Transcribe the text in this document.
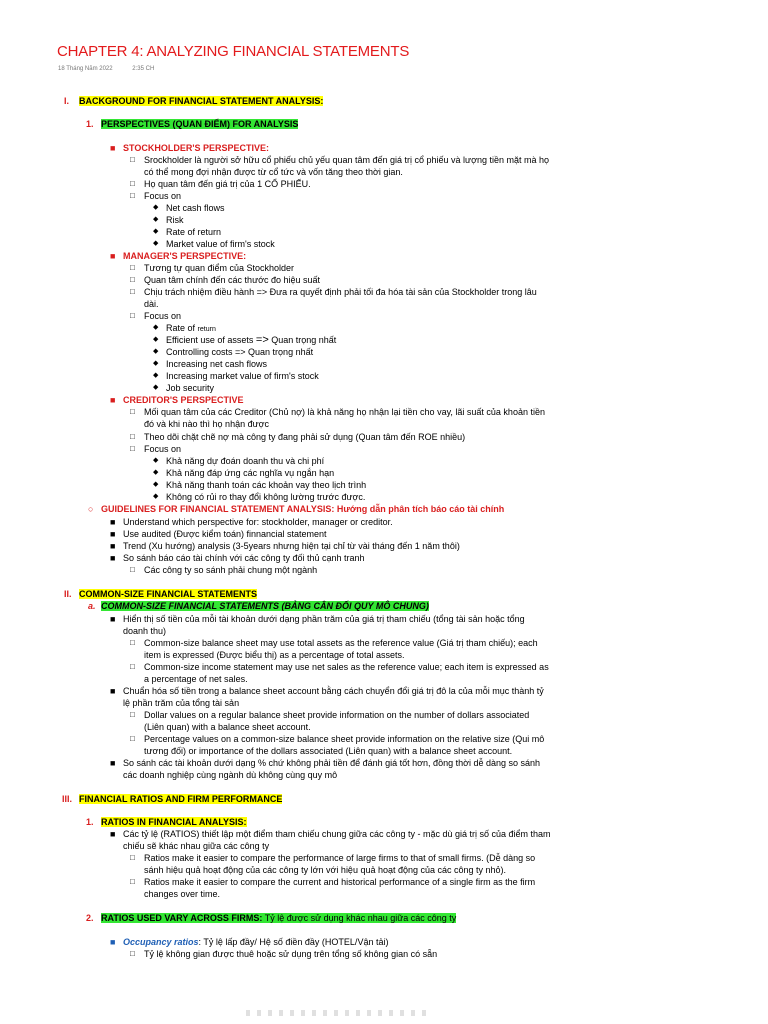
CHAPTER 4: ANALYZING FINANCIAL STATEMENTS
18 Tháng Năm 2022	2:35 CH
I. BACKGROUND FOR FINANCIAL STATEMENT ANALYSIS:
1. PERSPECTIVES (QUAN ĐIỂM) FOR ANALYSIS
■ STOCKHOLDER'S PERSPECTIVE:
□ Srockholder là người sở hữu cổ phiếu chủ yếu quan tâm đến giá trị cổ phiếu và lượng tiền mặt mà họ
có thể mong đợi nhận được từ cổ tức và vốn tăng theo thời gian.
□ Họ quan tâm đến giá trị của 1 CỔ PHIẾU.
□ Focus on
◆ Net cash flows
◆ Risk
◆ Rate of return
◆ Market value of firm's stock
■ MANAGER'S PERSPECTIVE:
□ Tương tự quan điểm của Stockholder
□ Quan tâm chính đến các thước đo hiệu suất
□ Chịu trách nhiệm điều hành => Đưa ra quyết định phải tối đa hóa tài sản của Stockholder trong lâu
dài.
□ Focus on
◆ Rate of return
◆ Efficient use of assets => Quan trọng nhất
◆ Controlling costs => Quan trọng nhất
◆ Increasing net cash flows
◆ Increasing market value of firm's stock
◆ Job security
■ CREDITOR'S PERSPECTIVE
□ Mối quan tâm của các Creditor (Chủ nợ) là khả năng họ nhận lại tiền cho vay, lãi suất của khoản tiền
đó và khi nào thì họ nhận được
□ Theo dõi chặt chẽ nợ mà công ty đang phải sử dụng (Quan tâm đến ROE nhiều)
□ Focus on
◆ Khả năng dự đoán doanh thu và chi phí
◆ Khả năng đáp ứng các nghĩa vụ ngắn hạn
◆ Khả năng thanh toán các khoản vay theo lịch trình
◆ Không có rủi ro thay đổi không lường trước được.
○ GUIDELINES FOR FINANCIAL STATEMENT ANALYSIS: Hướng dẫn phân tích báo cáo tài chính
■ Understand which perspective for: stockholder, manager or creditor.
■ Use audited (Được kiểm toán) finnancial statement
■ Trend (Xu hướng) analysis (3-5years nhưng hiện tại chỉ từ vài tháng đến 1 năm thôi)
■ So sánh báo cáo tài chính với các công ty đối thủ cạnh tranh
□ Các công ty so sánh phải chung một ngành
II. COMMON-SIZE FINANCIAL STATEMENTS
a. COMMON-SIZE FINANCIAL STATEMENTS (BẢNG CÂN ĐỐI QUY MÔ CHUNG)
■ Hiển thị số tiền của mỗi tài khoản dưới dạng phần trăm của giá trị tham chiếu (tổng tài sản hoặc tổng
doanh thu)
□ Common-size balance sheet may use total assets as the reference value (Giá trị tham chiếu); each
item is expressed (Được biểu thị) as a percentage of total assets.
□ Common-size income statement may use net sales as the reference value; each item is expressed as
a percentage of net sales.
■ Chuẩn hóa số tiền trong a balance sheet account bằng cách chuyển đổi giá trị đô la của mỗi mục thành tỷ
lệ phần trăm của tổng tài sản
□ Dollar values on a regular balance sheet provide information on the number of dollars associated
(Liên quan) with a balance sheet account.
□ Percentage values on a common-size balance sheet provide information on the relative size (Qui mô
tương đối) or importance of the dollars associated (Liên quan) with a balance sheet account.
■ So sánh các tài khoản dưới dạng % chứ không phải tiền để đánh giá tốt hơn, đồng thời dễ dàng so sánh
các doanh nghiệp cùng ngành dù không cùng quy mô
III. FINANCIAL RATIOS AND FIRM PERFORMANCE
1. RATIOS IN FINANCIAL ANALYSIS:
■ Các tỷ lệ (RATIOS) thiết lập một điểm tham chiếu chung giữa các công ty - mặc dù giá trị số của điểm tham
chiếu sẽ khác nhau giữa các công ty
□ Ratios make it easier to compare the performance of large firms to that of small firms. (Dễ dàng so
sánh hiệu quả hoạt động của các công ty lớn với hiệu quả hoạt động của các công ty nhỏ).
□ Ratios make it easier to compare the current and historical performance of a single firm as the firm
changes over time.
2. RATIOS USED VARY ACROSS FIRMS: Tỷ lệ được sử dụng khác nhau giữa các công ty
■ Occupancy ratios: Tỷ lệ lấp đầy/ Hệ số điền đầy (HOTEL/Vận tải)
□ Tỷ lệ không gian được thuê hoặc sử dụng trên tổng số không gian có sẵn
